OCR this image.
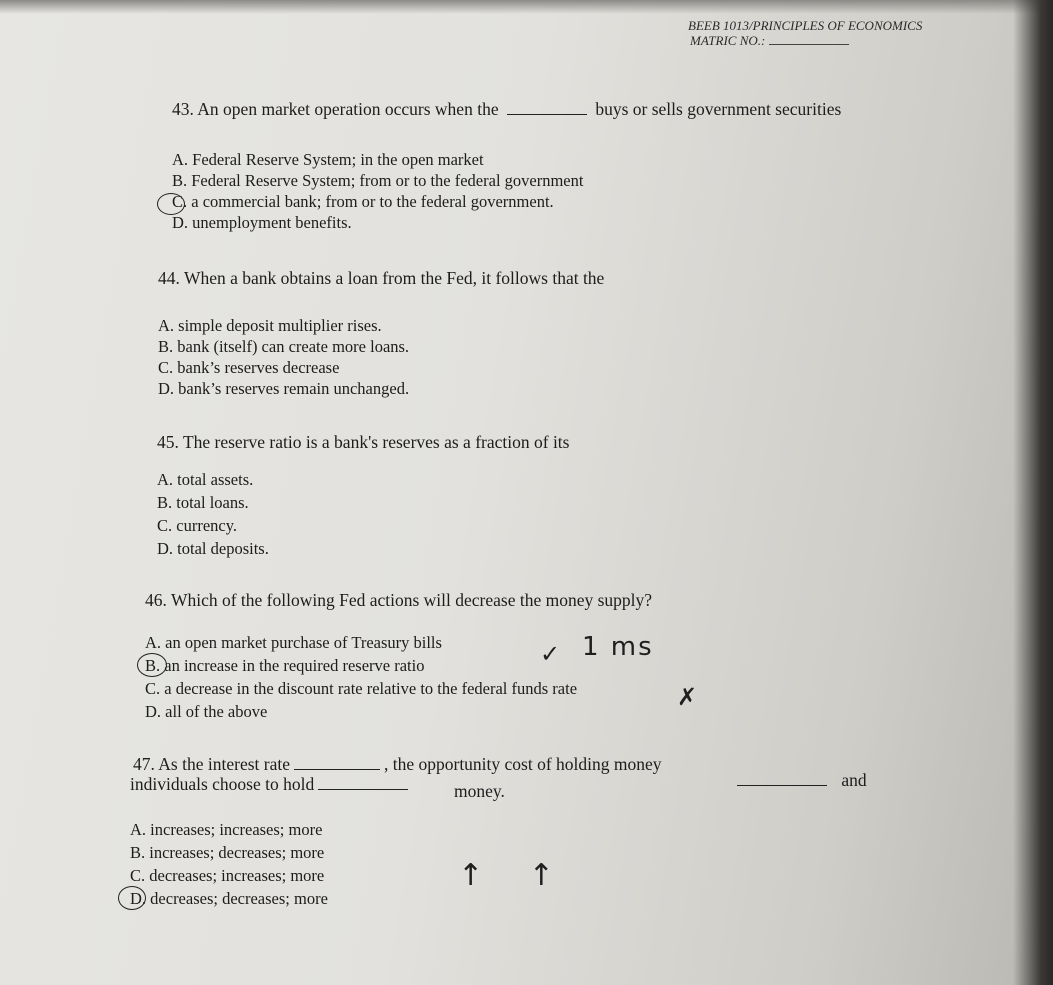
BEEB 1013/PRINCIPLES OF ECONOMICS
MATRIC NO.:
43. An open market operation occurs when the	buys or sells government securities
A. Federal Reserve System; in the open market
B. Federal Reserve System; from or to the federal government
C. a commercial bank; from or to the federal government.
D. unemployment benefits.
44. When a bank obtains a loan from the Fed, it follows that the
A. simple deposit multiplier rises.
B. bank (itself) can create more loans.
C. bank’s reserves decrease
D. bank’s reserves remain unchanged.
45. The reserve ratio is a bank's reserves as a fraction of its
A. total assets.
B. total loans.
C. currency.
D. total deposits.
46. Which of the following Fed actions will decrease the money supply?
A. an open market purchase of Treasury bills
B. an increase in the required reserve ratio
C. a decrease in the discount rate relative to the federal funds rate
D. all of the above
✓ 1 ms
✗
47. As the interest rate	, the opportunity cost of holding money
and
individuals choose to hold	money.
A. increases; increases; more
B. increases; decreases; more
C. decreases; increases; more
D. decreases; decreases; more
↑ ↑
